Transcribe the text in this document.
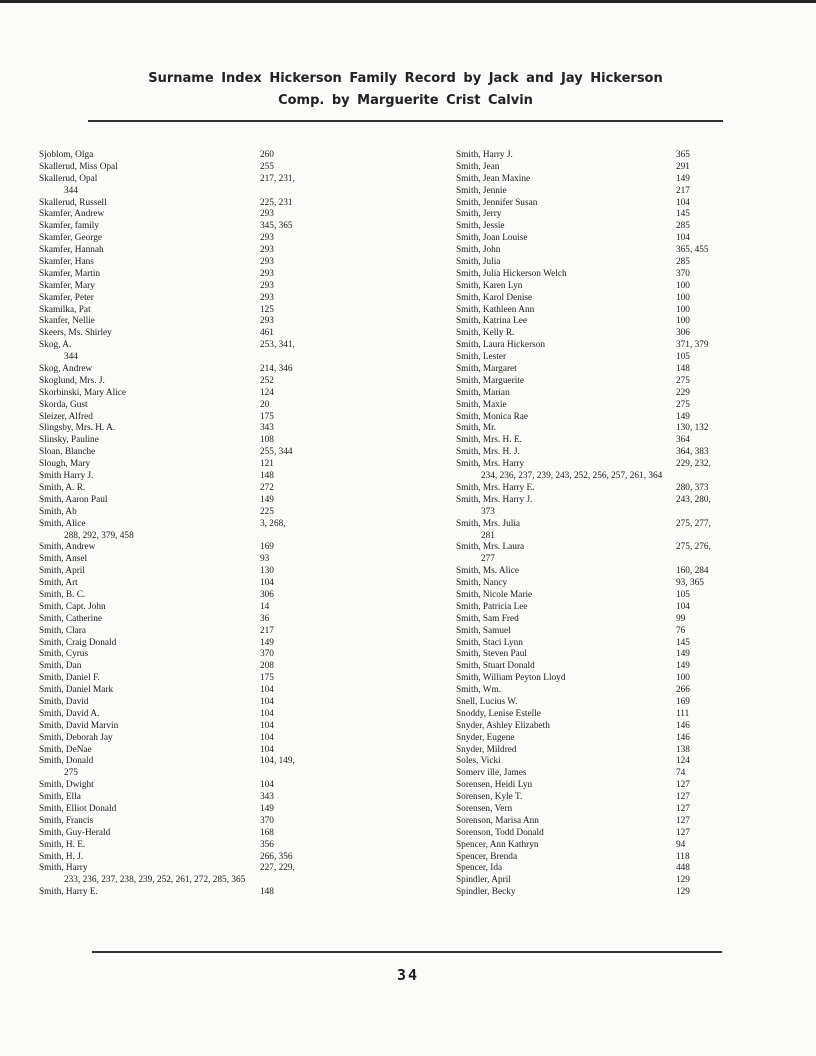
Surname Index Hickerson Family Record by Jack and Jay Hickerson
Comp. by Marguerite Crist Calvin
Sjoblom, Olga	260
Skallerud, Miss Opal	255
Skallerud, Opal	217, 231,
344
Skallerud, Russell	225, 231
Skamfer, Andrew	293
Skamfer, family	345, 365
Skamfer, George	293
Skamfer, Hannah	293
Skamfer, Hans	293
Skamfer, Martin	293
Skamfer, Mary	293
Skamfer, Peter	293
Skamilka, Pat	125
Skanfer, Nellie	293
Skeers, Ms. Shirley	461
Skog, A.	253, 341,
344
Skog, Andrew	214, 346
Skoglund, Mrs. J.	252
Skorbinski, Mary Alice	124
Skorda, Gust	20
Sleizer, Alfred	175
Slingsby, Mrs. H. A.	343
Slinsky, Pauline	108
Sloan, Blanche	255, 344
Slough, Mary	121
Smith Harry J.	148
Smith, A. R.	272
Smith, Aaron Paul	149
Smith, Ab	225
Smith, Alice	3, 268,
288, 292, 379, 458
Smith, Andrew	169
Smith, Ansel	93
Smith, April	130
Smith, Art	104
Smith, B. C.	306
Smith, Capt. John	14
Smith, Catherine	36
Smith, Clara	217
Smith, Craig Donald	149
Smith, Cyrus	370
Smith, Dan	208
Smith, Daniel F.	175
Smith, Daniel Mark	104
Smith, David	104
Smith, David A.	104
Smith, David Marvin	104
Smith, Deborah Jay	104
Smith, DeNae	104
Smith, Donald	104, 149,
275
Smith, Dwight	104
Smith, Ella	343
Smith, Elliot Donald	149
Smith, Francis	370
Smith, Guy-Herald	168
Smith, H. E.	356
Smith, H. J.	266, 356
Smith, Harry	227, 229,
233, 236, 237, 238, 239, 252, 261, 272, 285, 365
Smith, Harry E.	148
Smith, Harry J.	365
Smith, Jean	291
Smith, Jean Maxine	149
Smith, Jennie	217
Smith, Jennifer Susan	104
Smith, Jerry	145
Smith, Jessie	285
Smith, Joan Louise	104
Smith, John	365, 455
Smith, Julia	285
Smith, Julia Hickerson Welch	370
Smith, Karen Lyn	100
Smith, Karol Denise	100
Smith, Kathleen Ann	100
Smith, Katrina Lee	100
Smith, Kelly R.	306
Smith, Laura Hickerson	371, 379
Smith, Lester	105
Smith, Margaret	148
Smith, Marguerite	275
Smith, Marian	229
Smith, Maxie	275
Smith, Monica Rae	149
Smith, Mr.	130, 132
Smith, Mrs. H. E.	364
Smith, Mrs. H. J.	364, 383
Smith, Mrs. Harry	229, 232,
234, 236, 237, 239, 243, 252, 256, 257, 261, 364
Smith, Mrs. Harry E.	280, 373
Smith, Mrs. Harry J.	243, 280,
373
Smith, Mrs. Julia	275, 277,
281
Smith, Mrs. Laura	275, 276,
277
Smith, Ms. Alice	160, 284
Smith, Nancy	93, 365
Smith, Nicole Marie	105
Smith, Patricia Lee	104
Smith, Sam Fred	99
Smith, Samuel	76
Smith, Staci Lynn	145
Smith, Steven Paul	149
Smith, Stuart Donald	149
Smith, William Peyton Lloyd	100
Smith, Wm.	266
Snell, Lucius W.	169
Snoddy, Lenise Estelle	111
Snyder, Ashley Elizabeth	146
Snyder, Eugene	146
Snyder, Mildred	138
Soles, Vicki	124
Somerv ille, James	74
Sorensen, Heidi Lyn	127
Sorensen, Kyle T.	127
Sorensen, Vern	127
Sorenson, Marisa Ann	127
Sorenson, Todd Donald	127
Spencer, Ann Kathryn	94
Spencer, Brenda	118
Spencer, Ida	448
Spindler, April	129
Spindler, Becky	129
34
